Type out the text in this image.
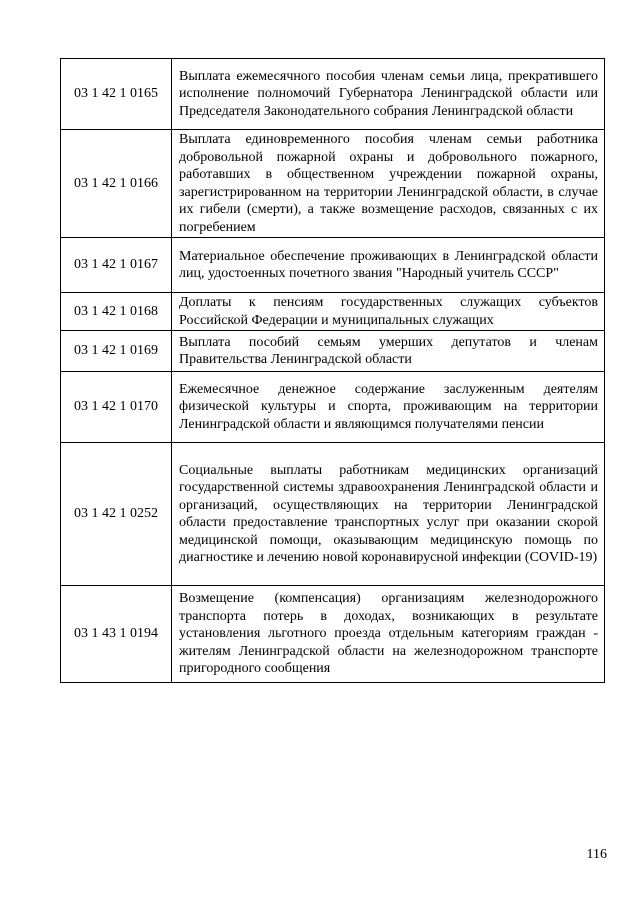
03 1 42 1 0165	Выплата ежемесячного пособия членам семьи лица, прекратившего исполнение полномочий Губернатора Ленинградской области или Председателя Законодательного собрания Ленинградской области
03 1 42 1 0166	Выплата единовременного пособия членам семьи работника добровольной пожарной охраны и добровольного пожарного, работавших в общественном учреждении пожарной охраны, зарегистрированном на территории Ленинградской области, в случае их гибели (смерти), а также возмещение расходов, связанных с их погребением
03 1 42 1 0167	Материальное обеспечение проживающих в Ленинградской области лиц, удостоенных почетного звания "Народный учитель СССР"
03 1 42 1 0168	Доплаты к пенсиям государственных служащих субъектов Российской Федерации и муниципальных служащих
03 1 42 1 0169	Выплата пособий семьям умерших депутатов и членам Правительства Ленинградской области
03 1 42 1 0170	Ежемесячное денежное содержание заслуженным деятелям физической культуры и спорта, проживающим на территории Ленинградской области и являющимся получателями пенсии
03 1 42 1 0252	Социальные выплаты работникам медицинских организаций государственной системы здравоохранения Ленинградской области и организаций, осуществляющих на территории Ленинградской области предоставление транспортных услуг при оказании скорой медицинской помощи, оказывающим медицинскую помощь по диагностике и лечению новой коронавирусной инфекции (COVID-19)
03 1 43 1 0194	Возмещение (компенсация) организациям железнодорожного транспорта потерь в доходах, возникающих в результате установления льготного проезда отдельным категориям граждан - жителям Ленинградской области на железнодорожном транспорте пригородного сообщения
116
